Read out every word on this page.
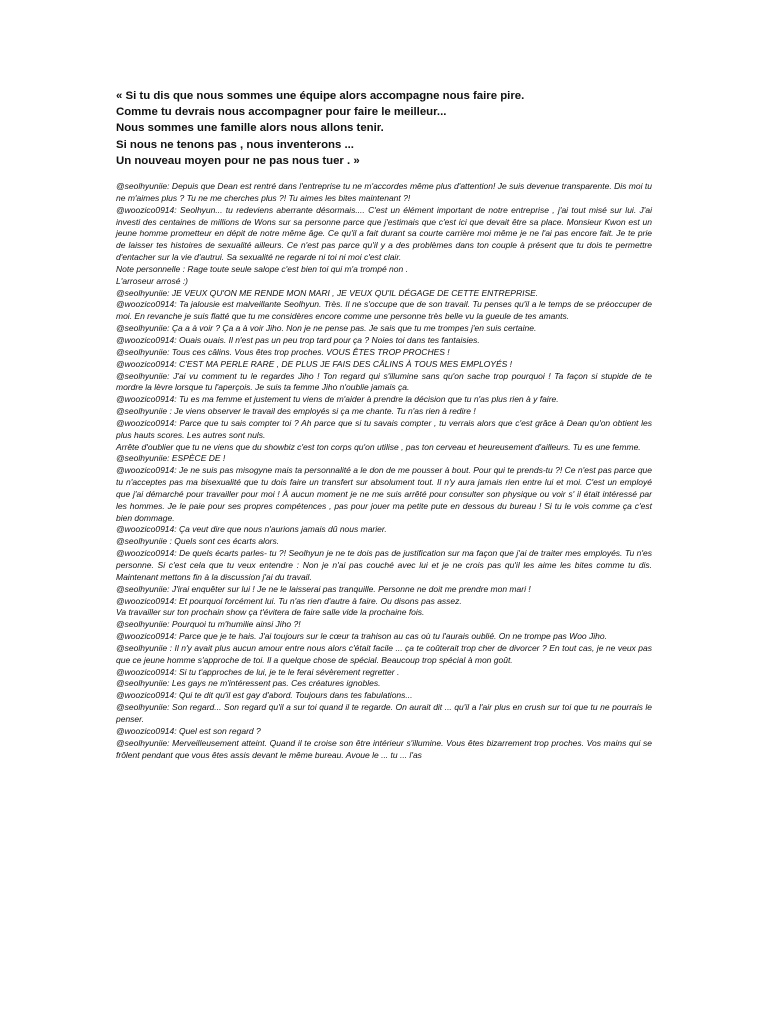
« Si tu dis que nous sommes une équipe alors accompagne nous faire pire.

Comme tu devrais nous accompagner pour faire le meilleur...

Nous sommes une famille alors nous allons tenir.

Si nous ne tenons pas , nous inventerons ...

Un nouveau moyen pour ne pas nous tuer . »

@seolhyuniie: Depuis que Dean est rentré dans l'entreprise tu ne m'accordes même plus d'attention! Je suis devenue transparente. Dis moi tu ne m'aimes plus ? Tu ne me cherches plus ?! Tu aimes les bites maintenant ?!

@woozico0914: Seolhyun... tu redeviens aberrante désormais.... C'est un élément important de notre entreprise , j'ai tout misé sur lui. J'ai investi des centaines de millions de Wons sur sa personne parce que j'estimais que c'est ici que devait être sa place. Monsieur Kwon est un jeune homme prometteur en dépit de notre même âge. Ce qu'il a fait durant sa courte carrière moi même je ne l'ai pas encore fait. Je te prie de laisser tes histoires de sexualité ailleurs. Ce n'est pas parce qu'il y a des problèmes dans ton couple à présent que tu dois te permettre d'entacher sur la vie d'autrui. Sa sexualité ne regarde ni toi ni moi c'est clair.

Note personnelle : Rage toute seule salope c'est bien toi qui m'a trompé non .

L'arroseur arrosé :)

@seolhyuniie: JE VEUX QU'ON ME RENDE MON MARI , JE VEUX QU'IL DÉGAGE DE CETTE ENTREPRISE.

@woozico0914: Ta jalousie est malveillante Seolhyun. Très. Il ne s'occupe que de son travail. Tu penses qu'il a le temps de se préoccuper de moi. En revanche je suis flatté que tu me considères encore comme une personne très belle vu la gueule de tes amants.

@seolhyuniie: Ça a à voir ? Ça a à voir Jiho. Non je ne pense pas. Je sais que tu me trompes j'en suis certaine.

@woozico0914: Ouais ouais. Il n'est pas un peu trop tard pour ça ? Noies toi dans tes fantaisies.

@seolhyuniie: Tous ces câlins. Vous êtes trop proches. VOUS ÊTES TROP PROCHES !

@woozico0914: C'EST MA PERLE RARE , DE PLUS JE FAIS DES CÂLINS À TOUS MES EMPLOYÉS !

@seolhyuniie: J'ai vu comment tu le regardes Jiho ! Ton regard qui s'illumine sans qu'on sache trop pourquoi ! Ta façon si stupide de te mordre la lèvre lorsque tu l'aperçois. Je suis ta femme Jiho n'oublie jamais ça.

@woozico0914: Tu es ma femme et justement tu viens de m'aider à prendre la décision que tu n'as plus rien à y faire.

@seolhyuniie : Je viens observer le travail des employés si ça me chante. Tu n'as rien à redire !

@woozico0914: Parce que tu sais compter toi ? Ah parce que si tu savais compter , tu verrais alors que c'est grâce à Dean qu'on obtient les plus hauts scores. Les autres sont nuls.

Arrête d'oublier que tu ne viens que du showbiz c'est ton corps qu'on utilise , pas ton cerveau et heureusement d'ailleurs. Tu es une femme.

@seolhyuniie: ESPÈCE DE !

@woozico0914: Je ne suis pas misogyne mais ta personnalité a le don de me pousser à bout. Pour qui te prends-tu ?! Ce n'est pas parce que tu n'acceptes pas ma bisexualité que tu dois faire un transfert sur absolument tout. Il n'y aura jamais rien entre lui et moi. C'est un employé que j'ai démarché pour travailler pour moi ! À aucun moment je ne me suis arrêté pour consulter son physique ou voir s' il était intéressé par les hommes. Je le paie pour ses propres compétences , pas pour jouer ma petite pute en dessous du bureau ! Si tu le vois comme ça c'est bien dommage.

@woozico0914: Ça veut dire que nous n'aurions jamais dû nous marier.

@seolhyuniie : Quels sont ces écarts alors.

@woozico0914: De quels écarts parles- tu ?! Seolhyun je ne te dois pas de justification sur ma façon que j'ai de traiter mes employés. Tu n'es personne. Si c'est cela que tu veux entendre : Non je n'ai pas couché avec lui et je ne crois pas qu'il les aime les bites comme tu dis. Maintenant mettons fin à la discussion j'ai du travail.

@seolhyuniie: J'irai enquêter sur lui ! Je ne le laisserai pas tranquille. Personne ne doit me prendre mon mari !

@woozico0914: Et pourquoi forcément lui. Tu n'as rien d'autre à faire. Ou disons pas assez.

Va travailler sur ton prochain show ça t'évitera de faire salle vide la prochaine fois.

@seolhyuniie: Pourquoi tu m'humilie ainsi Jiho ?!

@woozico0914: Parce que je te hais. J'ai toujours sur le cœur ta trahison au cas où tu l'aurais oublié. On ne trompe pas Woo Jiho.

@seolhyuniie : Il n'y avait plus aucun amour entre nous alors c'était facile ... ça te coûterait trop cher de divorcer ? En tout cas, je ne veux pas que ce jeune homme s'approche de toi. Il a quelque chose de spécial. Beaucoup trop spécial à mon goût.

@woozico0914: Si tu t'approches de lui, je te le ferai sévèrement regretter .

@seolhyuniie: Les gays ne m'intéressent pas. Ces créatures ignobles.

@woozico0914: Qui te dit qu'il est gay d'abord. Toujours dans tes fabulations...

@seolhyuniie: Son regard... Son regard qu'il a sur toi quand il te regarde. On aurait dit ... qu'il a l'air plus en crush sur toi que tu ne pourrais le penser.

@woozico0914: Quel est son regard ?

@seolhyuniie: Merveilleusement atteint. Quand il te croise son être intérieur s'illumine. Vous êtes bizarrement trop proches. Vos mains qui se frôlent pendant que vous êtes assis devant le même bureau. Avoue le ... tu ... l'as
